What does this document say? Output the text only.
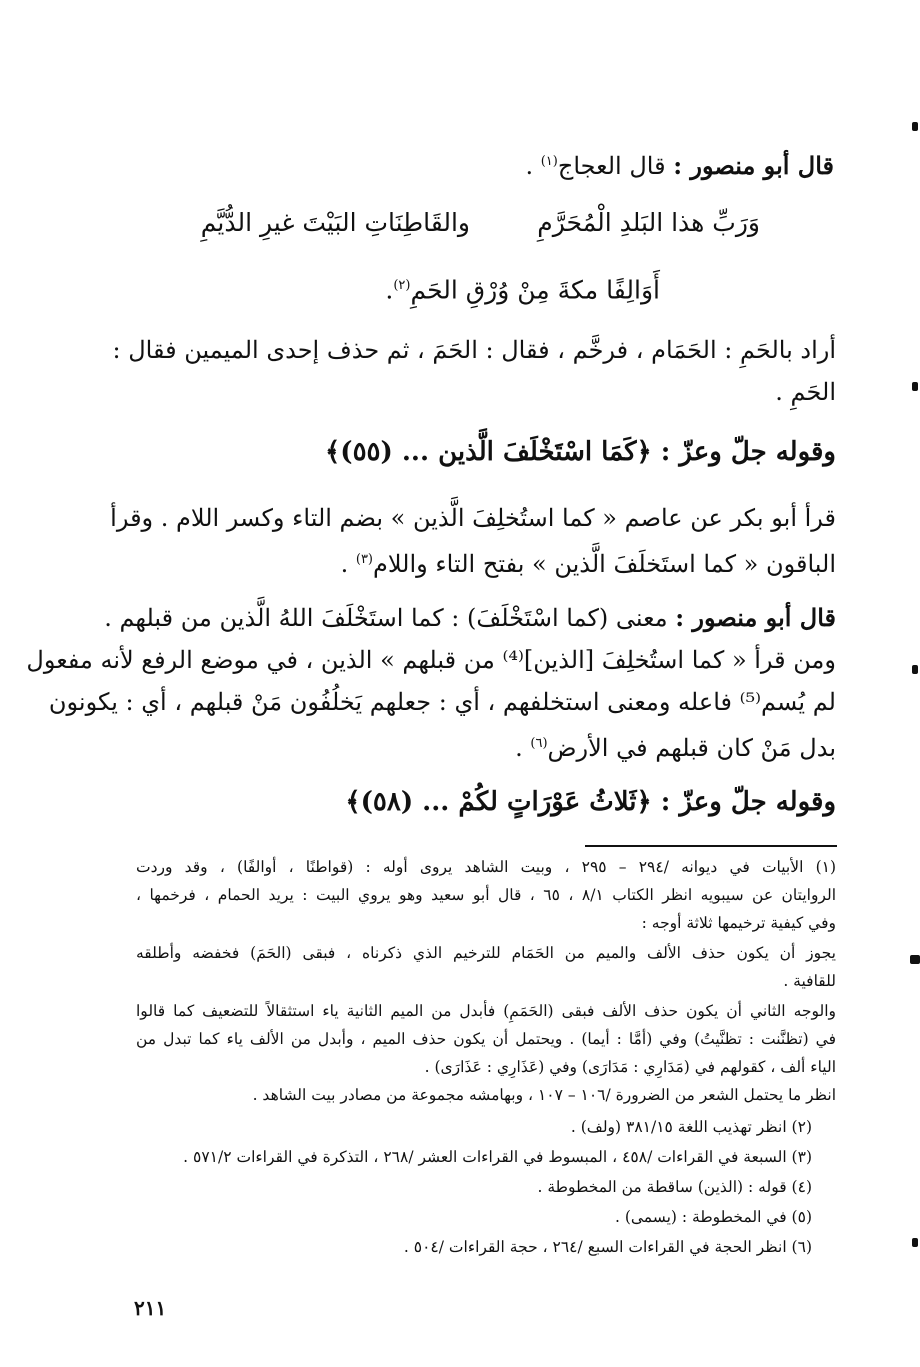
قال أبو منصور : قال العجاج$^{(١)}$ .
وَرَبِّ هذا البَلدِ الْمُحَرَّمِ
والقَاطِنَاتِ البَيْتَ غيرِ الدُّيَّمِ
أَوَالِفًا مكةَ مِنْ وُرْقِ الحَمِ$^{(٢)}$.
أراد بالحَمِ : الحَمَام ، فرخَّم ، فقال : الحَمَ ، ثم حذف إحدى الميمين فقال :
الحَمِ .
وقوله جلّ وعزّ : ﴿كَمَا اسْتَخْلَفَ الَّذين ... (٥٥)﴾
قرأ أبو بكر عن عاصم « كما استُخلِفَ الَّذين » بضم التاء وكسر اللام . وقرأ
الباقون « كما استَخلَفَ الَّذين » بفتح التاء واللام$^{(٣)}$ .
قال أبو منصور : معنى (كما اسْتَخْلَفَ) : كما استَخْلَفَ اللهُ الَّذين من قبلهم .
ومن قرأ « كما استُخلِفَ [الذين]⁽⁴⁾ من قبلهم » الذين ، في موضع الرفع لأنه مفعول
لم يُسم⁽⁵⁾ فاعله ومعنى استخلفهم ، أي : جعلهم يَخلُفُون مَنْ قبلهم ، أي : يكونون
بدل مَنْ كان قبلهم في الأرض$^{(٦)}$ .
وقوله جلّ وعزّ : ﴿ثَلاثُ عَوْرَاتٍ لكُمْ ... (٥٨)﴾
(١) الأبيات في ديوانه /٢٩٤ – ٢٩٥ ، وبيت الشاهد يروى أوله : (قواطنًا ، أوالفًا) ، وقد وردت
الروايتان عن سيبويه انظر الكتاب ٨/١ ، ٦٥ ، قال أبو سعيد وهو يروي البيت : يريد الحمام ، فرخمها ،
وفي كيفية ترخيمها ثلاثة أوجه :
يجوز أن يكون حذف الألف والميم من الحَمَام للترخيم الذي ذكرناه ، فبقى (الحَمَ) فخفضه وأطلقه
للقافية .
والوجه الثاني أن يكون حذف الألف فبقى (الحَمَمِ) فأبدل من الميم الثانية ياء استثقالاً للتضعيف كما قالوا
في (تظنَّنت : تظنَّيتُ) وفي (أمَّا : أيما) . ويحتمل أن يكون حذف الميم ، وأبدل من الألف ياء كما تبدل من
الياء ألف ، كقولهم في (مَدَارِي : مَدَارَى) وفي (عَذَارِي : عَذَارَى) .
انظر ما يحتمل الشعر من الضرورة /١٠٦ – ١٠٧ ، وبهامشه مجموعة من مصادر بيت الشاهد .
(٢) انظر تهذيب اللغة ٣٨١/١٥ (ولف) .
(٣) السبعة في القراءات /٤٥٨ ، المبسوط في القراءات العشر /٢٦٨ ، التذكرة في القراءات ٥٧١/٢ .
(٤) قوله : (الذين) ساقطة من المخطوطة .
(٥) في المخطوطة : (يسمى) .
(٦) انظر الحجة في القراءات السبع /٢٦٤ ، حجة القراءات /٥٠٤ .
٢١١
